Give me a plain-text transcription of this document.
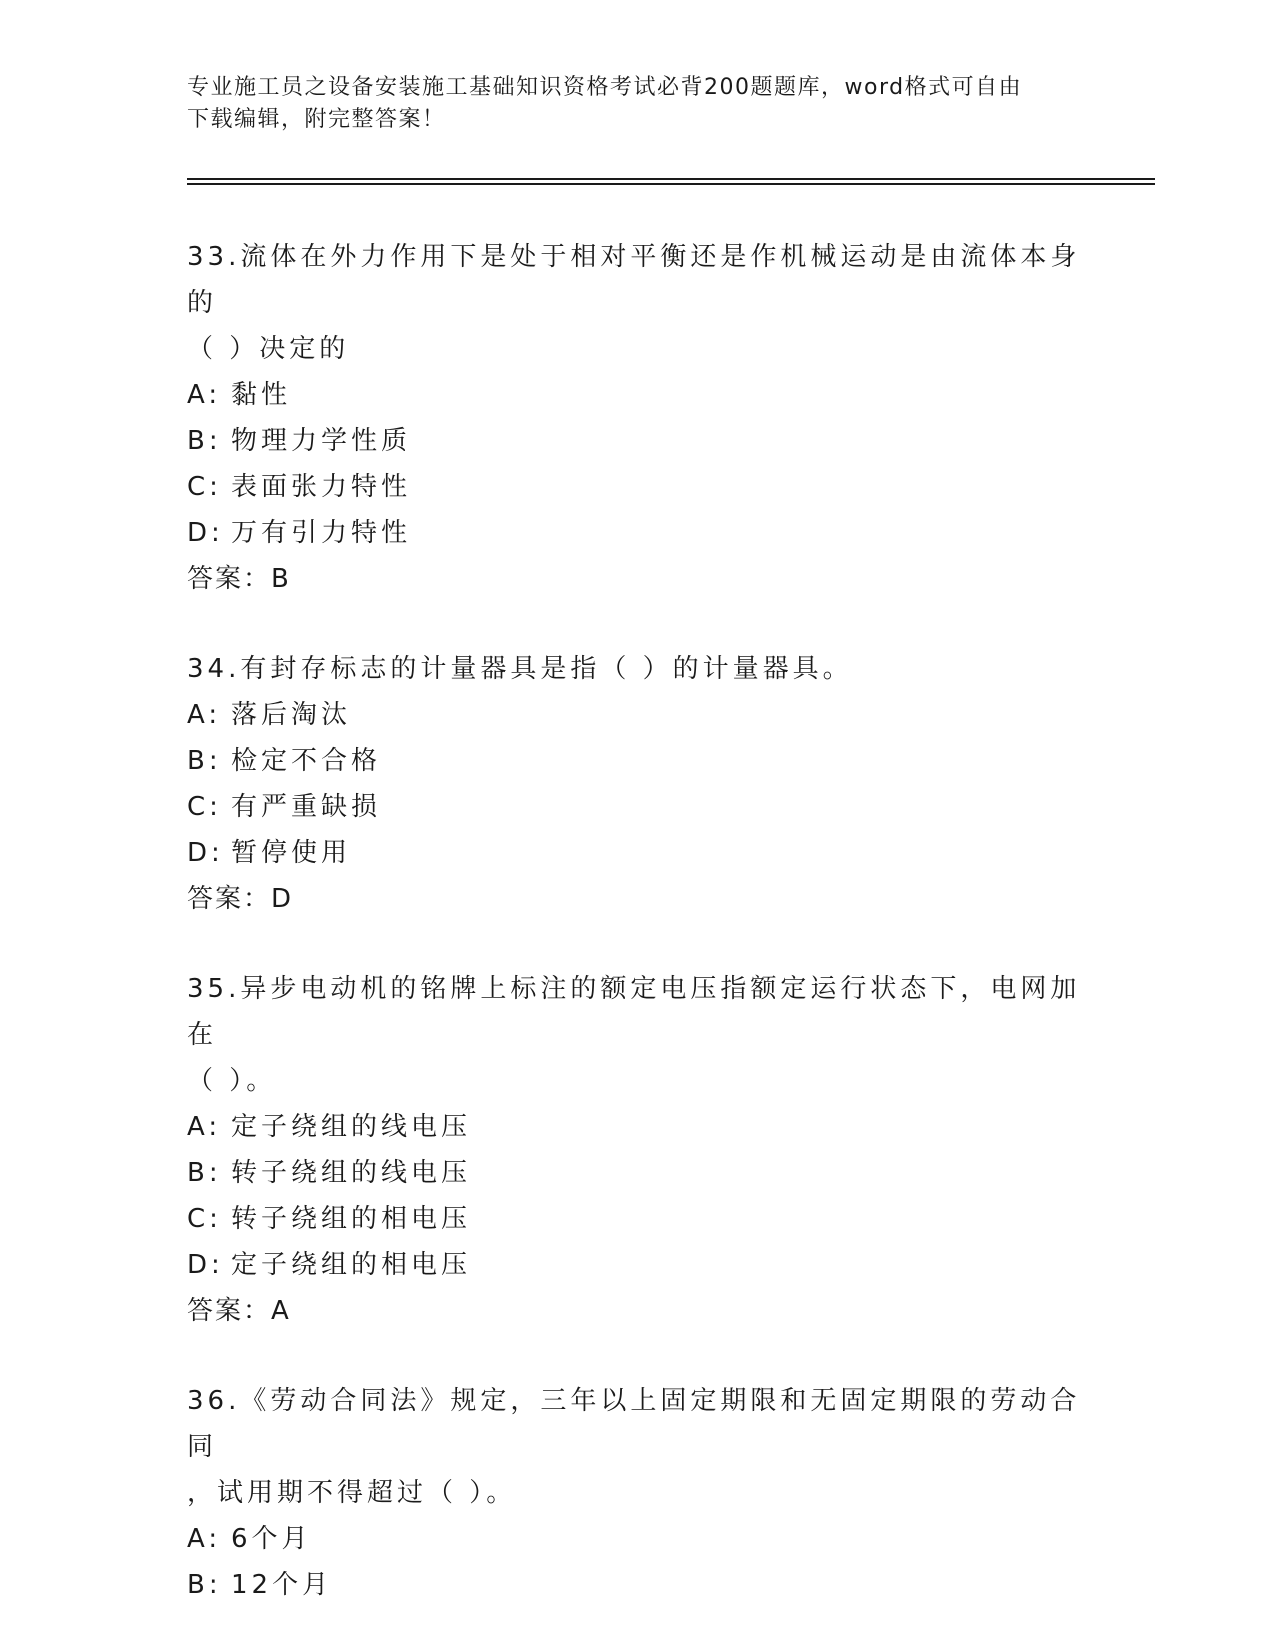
专业施工员之设备安装施工基础知识资格考试必背200题题库，word格式可自由
下载编辑，附完整答案！
33.流体在外力作用下是处于相对平衡还是作机械运动是由流体本身的
（ ）决定的
A: 黏性
B: 物理力学性质
C: 表面张力特性
D: 万有引力特性
答案：B
34.有封存标志的计量器具是指（ ）的计量器具。
A: 落后淘汰
B: 检定不合格
C: 有严重缺损
D: 暂停使用
答案：D
35.异步电动机的铭牌上标注的额定电压指额定运行状态下，电网加在
（ ）。
A: 定子绕组的线电压
B: 转子绕组的线电压
C: 转子绕组的相电压
D: 定子绕组的相电压
答案：A
36.《劳动合同法》规定，三年以上固定期限和无固定期限的劳动合同
，试用期不得超过（ ）。
A: 6个月
B: 12个月
